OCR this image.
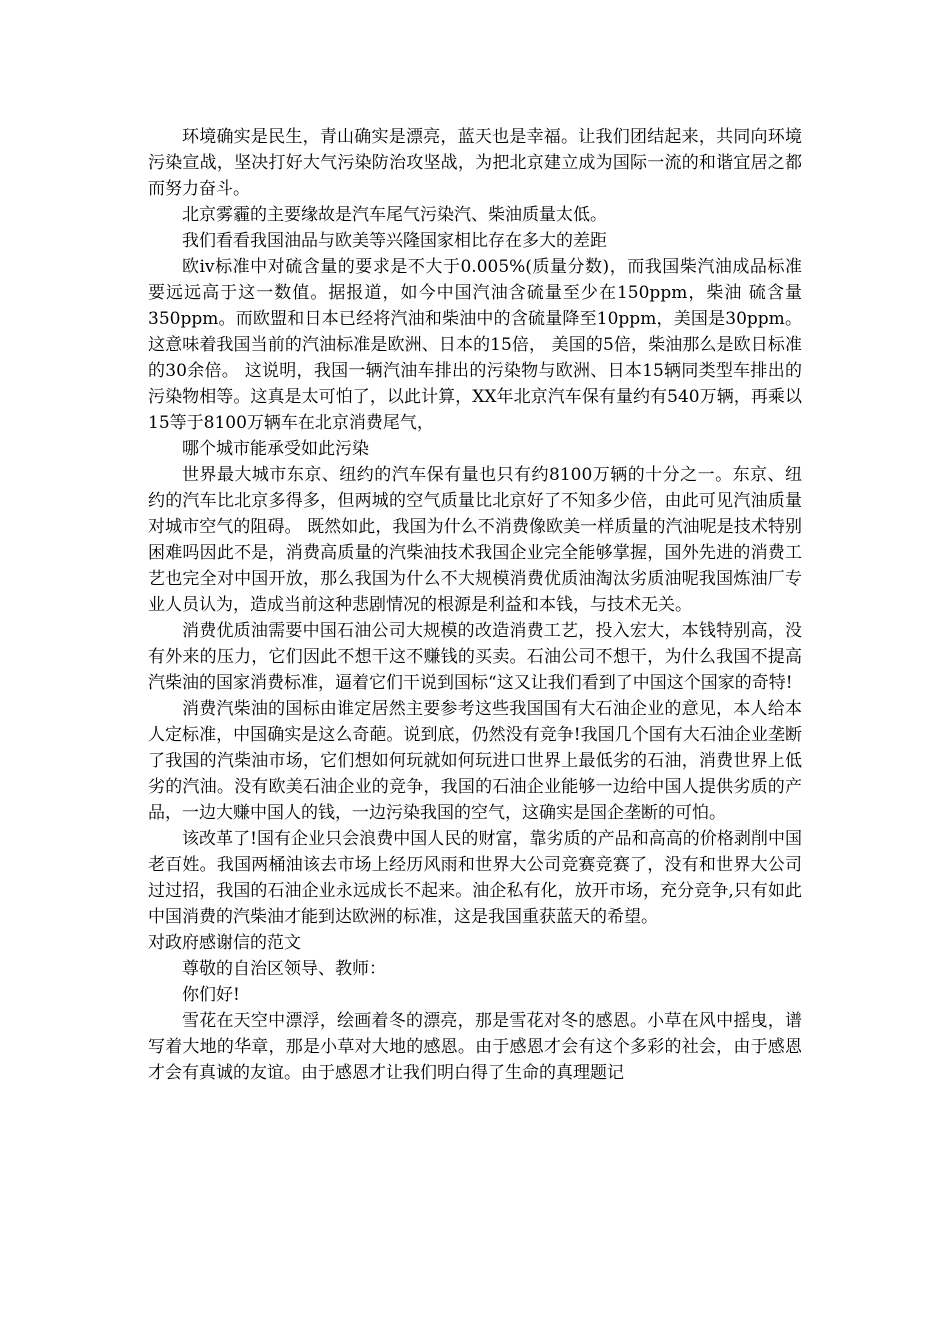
环境确实是民生，青山确实是漂亮，蓝天也是幸福。让我们团结起来，共同向环境污染宣战，坚决打好大气污染防治攻坚战，为把北京建立成为国际一流的和谐宜居之都而努力奋斗。

北京雾霾的主要缘故是汽车尾气污染汽、柴油质量太低。

我们看看我国油品与欧美等兴隆国家相比存在多大的差距

欧ⅳ标准中对硫含量的要求是不大于0.005%(质量分数)，而我国柴汽油成品标准要远远高于这一数值。据报道，如今中国汽油含硫量至少在150ppm，柴油 硫含量350ppm。而欧盟和日本已经将汽油和柴油中的含硫量降至10ppm，美国是30ppm。这意味着我国当前的汽油标准是欧洲、日本的15倍， 美国的5倍，柴油那么是欧日标准的30余倍。 这说明，我国一辆汽油车排出的污染物与欧洲、日本15辆同类型车排出的污染物相等。这真是太可怕了，以此计算，XX年北京汽车保有量约有540万辆，再乘以15等于8100万辆车在北京消费尾气，

哪个城市能承受如此污染

世界最大城市东京、纽约的汽车保有量也只有约8100万辆的十分之一。东京、纽约的汽车比北京多得多，但两城的空气质量比北京好了不知多少倍，由此可见汽油质量对城市空气的阻碍。 既然如此，我国为什么不消费像欧美一样质量的汽油呢是技术特别困难吗因此不是，消费高质量的汽柴油技术我国企业完全能够掌握，国外先进的消费工艺也完全对中国开放，那么我国为什么不大规模消费优质油淘汰劣质油呢我国炼油厂专业人员认为，造成当前这种悲剧情况的根源是利益和本钱，与技术无关。

消费优质油需要中国石油公司大规模的改造消费工艺，投入宏大，本钱特别高，没有外来的压力，它们因此不想干这不赚钱的买卖。石油公司不想干，为什么我国不提高汽柴油的国家消费标准，逼着它们干说到国标“这又让我们看到了中国这个国家的奇特!

消费汽柴油的国标由谁定居然主要参考这些我国国有大石油企业的意见，本人给本人定标准，中国确实是这么奇葩。说到底，仍然没有竞争!我国几个国有大石油企业垄断了我国的汽柴油市场，它们想如何玩就如何玩进口世界上最低劣的石油，消费世界上低劣的汽油。没有欧美石油企业的竞争，我国的石油企业能够一边给中国人提供劣质的产品，一边大赚中国人的钱，一边污染我国的空气，这确实是国企垄断的可怕。

该改革了!国有企业只会浪费中国人民的财富，靠劣质的产品和高高的价格剥削中国老百姓。我国两桶油该去市场上经历风雨和世界大公司竞赛竞赛了，没有和世界大公司过过招，我国的石油企业永远成长不起来。油企私有化，放开市场，充分竞争,只有如此中国消费的汽柴油才能到达欧洲的标准，这是我国重获蓝天的希望。

对政府感谢信的范文

尊敬的自治区领导、教师：

你们好!

雪花在天空中漂浮，绘画着冬的漂亮，那是雪花对冬的感恩。小草在风中摇曳，谱写着大地的华章，那是小草对大地的感恩。由于感恩才会有这个多彩的社会，由于感恩才会有真诚的友谊。由于感恩才让我们明白得了生命的真理题记
